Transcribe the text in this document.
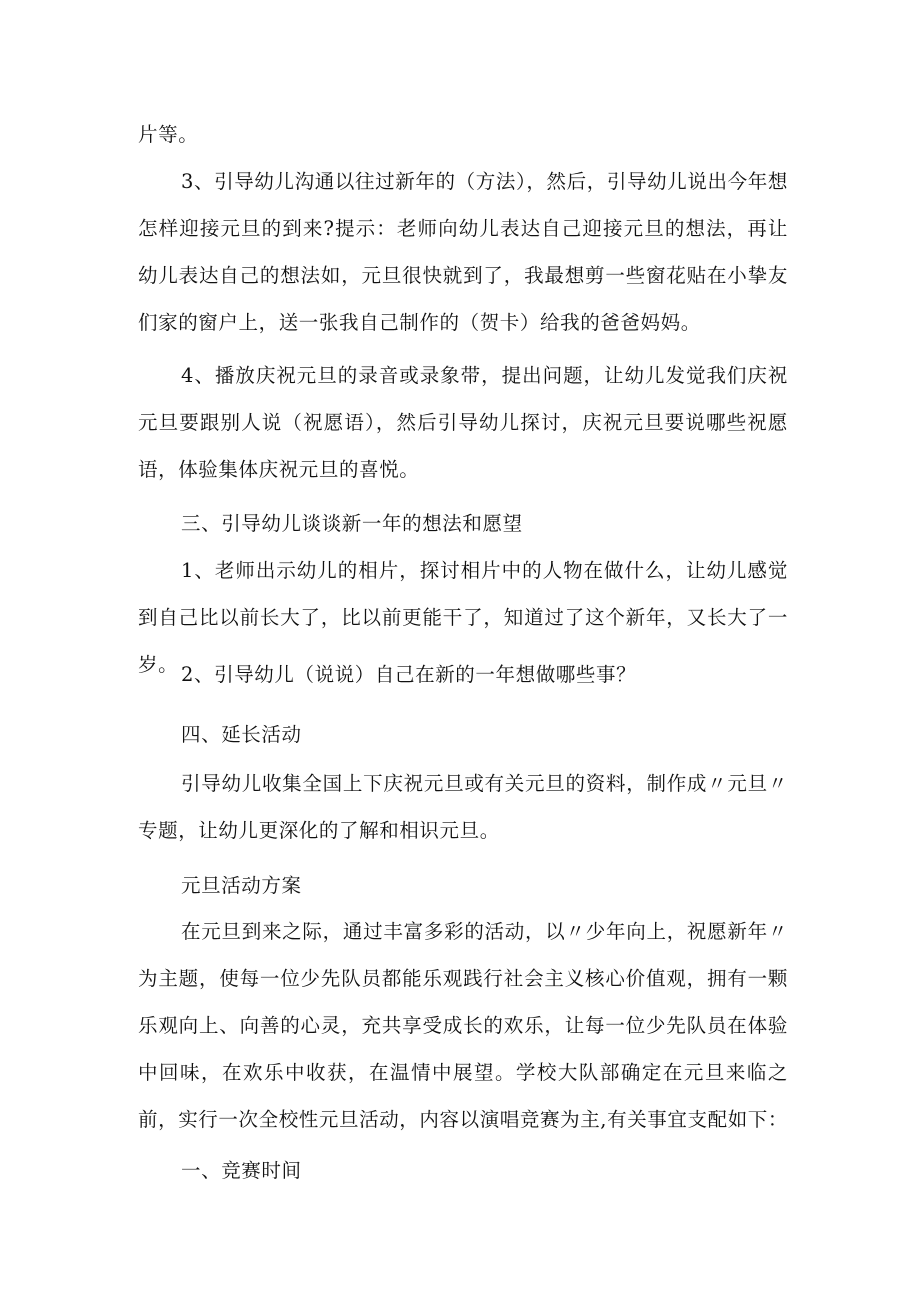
片等。

3、引导幼儿沟通以往过新年的（方法），然后，引导幼儿说出今年想怎样迎接元旦的到来?提示：老师向幼儿表达自己迎接元旦的想法，再让幼儿表达自己的想法如，元旦很快就到了，我最想剪一些窗花贴在小挚友们家的窗户上，送一张我自己制作的（贺卡）给我的爸爸妈妈。

4、播放庆祝元旦的录音或录象带，提出问题，让幼儿发觉我们庆祝元旦要跟别人说（祝愿语），然后引导幼儿探讨，庆祝元旦要说哪些祝愿语，体验集体庆祝元旦的喜悦。

三、引导幼儿谈谈新一年的想法和愿望

1、老师出示幼儿的相片，探讨相片中的人物在做什么，让幼儿感觉到自己比以前长大了，比以前更能干了，知道过了这个新年，又长大了一岁。 2、引导幼儿（说说）自己在新的一年想做哪些事？

四、延长活动

引导幼儿收集全国上下庆祝元旦或有关元旦的资料，制作成〃元旦〃专题，让幼儿更深化的了解和相识元旦。

元旦活动方案

在元旦到来之际，通过丰富多彩的活动，以〃少年向上，祝愿新年〃为主题，使每一位少先队员都能乐观践行社会主义核心价值观，拥有一颗乐观向上、向善的心灵，充共享受成长的欢乐，让每一位少先队员在体验中回味，在欢乐中收获，在温情中展望。学校大队部确定在元旦来临之前，实行一次全校性元旦活动，内容以演唱竞赛为主,有关事宜支配如下：

一、竞赛时间
